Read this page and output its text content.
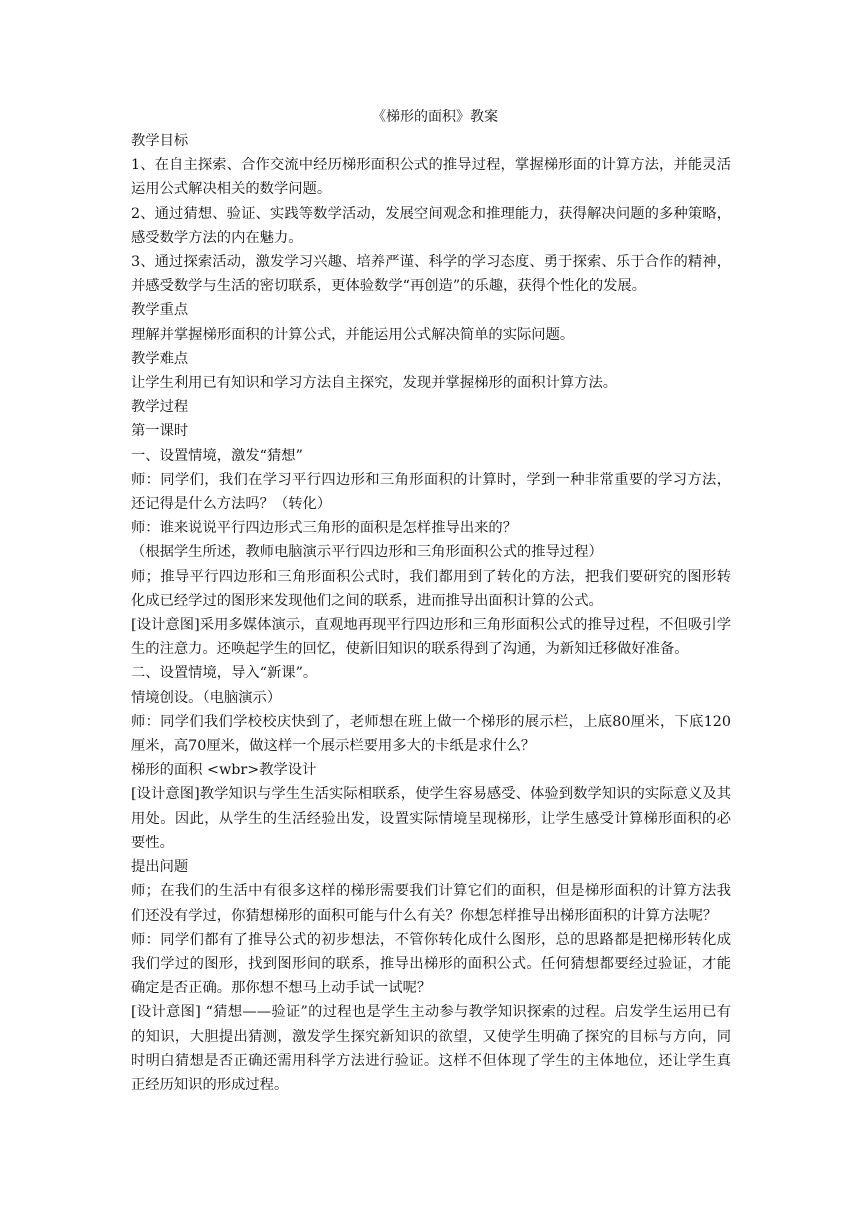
《梯形的面积》教案

教学目标

1、在自主探索、合作交流中经历梯形面积公式的推导过程，掌握梯形面的计算方法，并能灵活运用公式解决相关的数学问题。

2、通过猜想、验证、实践等数学活动，发展空间观念和推理能力，获得解决问题的多种策略，感受数学方法的内在魅力。

3、通过探索活动，激发学习兴趣、培养严谨、科学的学习态度、勇于探索、乐于合作的精神，并感受数学与生活的密切联系，更体验数学“再创造”的乐趣，获得个性化的发展。

教学重点

理解并掌握梯形面积的计算公式，并能运用公式解决简单的实际问题。

教学难点

让学生利用已有知识和学习方法自主探究，发现并掌握梯形的面积计算方法。

教学过程

第一课时

一、设置情境，激发“猜想”

师：同学们，我们在学习平行四边形和三角形面积的计算时，学到一种非常重要的学习方法，还记得是什么方法吗？（转化）

师：谁来说说平行四边形式三角形的面积是怎样推导出来的？

（根据学生所述，教师电脑演示平行四边形和三角形面积公式的推导过程）

师；推导平行四边形和三角形面积公式时，我们都用到了转化的方法，把我们要研究的图形转化成已经学过的图形来发现他们之间的联系，进而推导出面积计算的公式。

[设计意图]采用多媒体演示，直观地再现平行四边形和三角形面积公式的推导过程，不但吸引学生的注意力。还唤起学生的回忆，使新旧知识的联系得到了沟通，为新知迁移做好准备。

二、设置情境，导入“新课”。

情境创设。（电脑演示）

师：同学们我们学校校庆快到了，老师想在班上做一个梯形的展示栏，上底80厘米，下底120厘米，高70厘米，做这样一个展示栏要用多大的卡纸是求什么？

梯形的面积 <wbr>教学设计

[设计意图]教学知识与学生生活实际相联系，使学生容易感受、体验到数学知识的实际意义及其用处。因此，从学生的生活经验出发，设置实际情境呈现梯形，让学生感受计算梯形面积的必要性。

提出问题

师；在我们的生活中有很多这样的梯形需要我们计算它们的面积，但是梯形面积的计算方法我们还没有学过，你猜想梯形的面积可能与什么有关？你想怎样推导出梯形面积的计算方法呢？

师：同学们都有了推导公式的初步想法，不管你转化成什么图形，总的思路都是把梯形转化成我们学过的图形，找到图形间的联系，推导出梯形的面积公式。任何猜想都要经过验证，才能确定是否正确。那你想不想马上动手试一试呢？

[设计意图] “猜想——验证”的过程也是学生主动参与教学知识探索的过程。启发学生运用已有的知识，大胆提出猜测，激发学生探究新知识的欲望，又使学生明确了探究的目标与方向，同时明白猜想是否正确还需用科学方法进行验证。这样不但体现了学生的主体地位，还让学生真正经历知识的形成过程。
